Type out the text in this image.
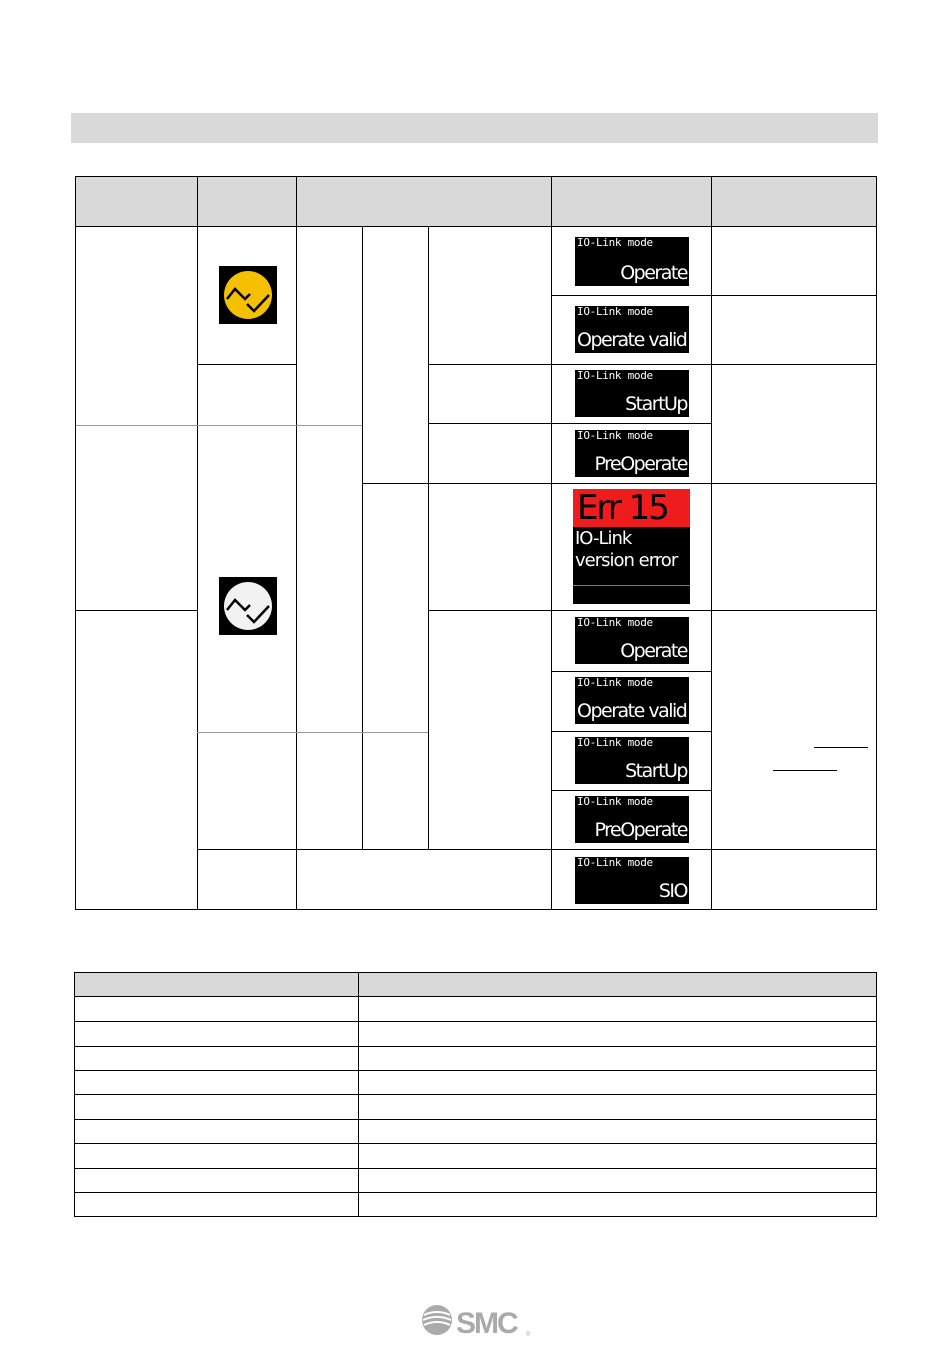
IO-Link mode
Operate
IO-Link mode
Operate valid
IO-Link mode
StartUp
IO-Link mode
PreOperate
Err 15
IO-Link
version error
IO-Link mode
Operate
IO-Link mode
Operate valid
IO-Link mode
StartUp
IO-Link mode
PreOperate
IO-Link mode
SIO
SMC ®
